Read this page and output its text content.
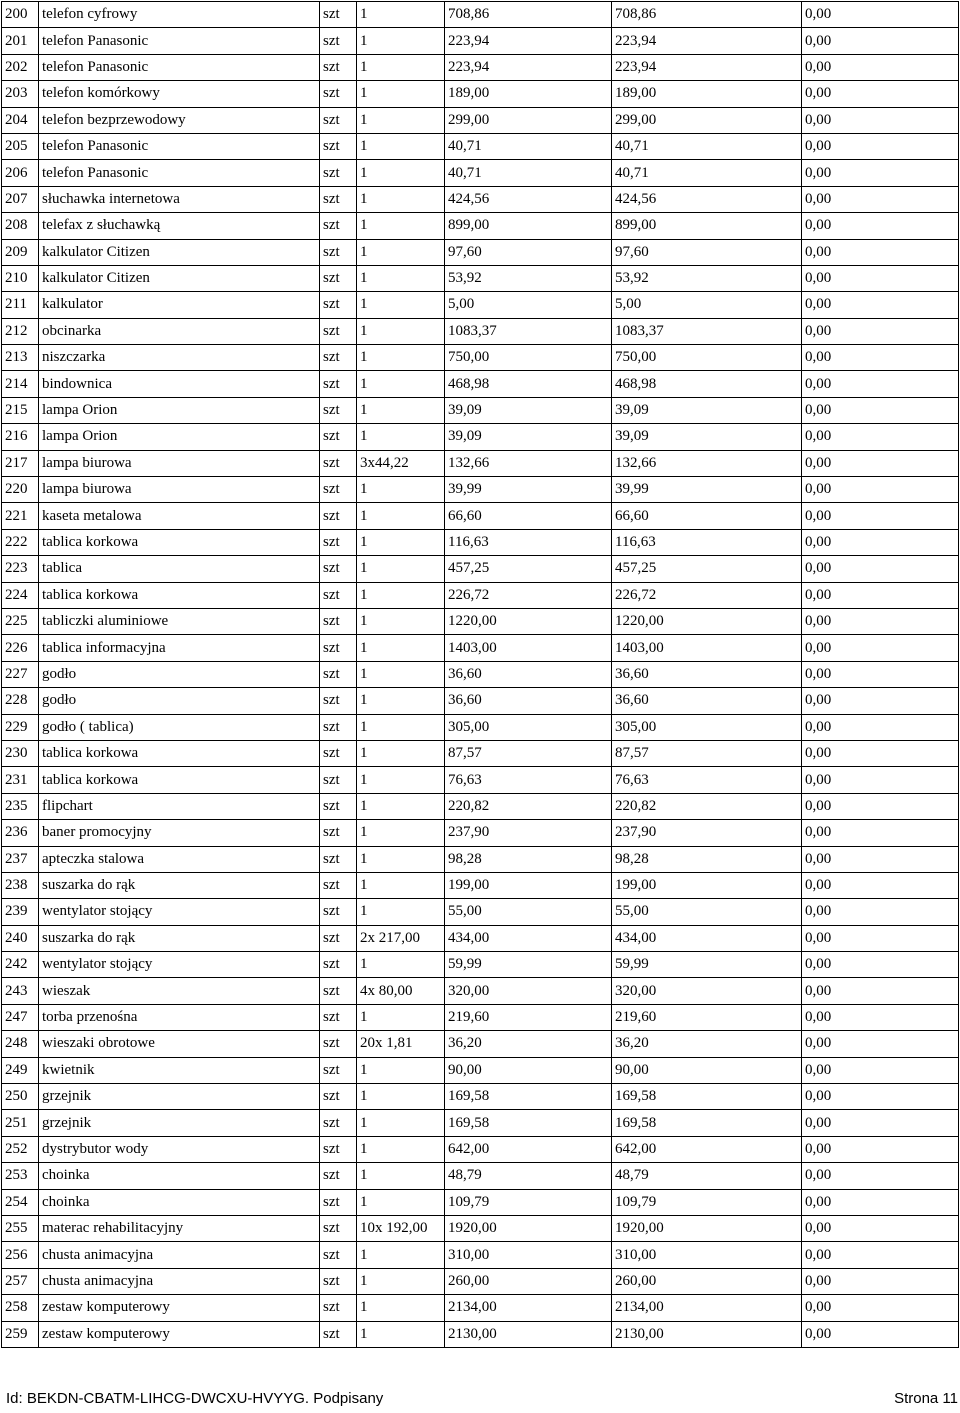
200	telefon cyfrowy	szt	1	708,86	708,86	0,00
201	telefon Panasonic	szt	1	223,94	223,94	0,00
202	telefon Panasonic	szt	1	223,94	223,94	0,00
203	telefon komórkowy	szt	1	189,00	189,00	0,00
204	telefon bezprzewodowy	szt	1	299,00	299,00	0,00
205	telefon Panasonic	szt	1	40,71	40,71	0,00
206	telefon Panasonic	szt	1	40,71	40,71	0,00
207	słuchawka internetowa	szt	1	424,56	424,56	0,00
208	telefax z słuchawką	szt	1	899,00	899,00	0,00
209	kalkulator Citizen	szt	1	97,60	97,60	0,00
210	kalkulator Citizen	szt	1	53,92	53,92	0,00
211	kalkulator	szt	1	5,00	5,00	0,00
212	obcinarka	szt	1	1083,37	1083,37	0,00
213	niszczarka	szt	1	750,00	750,00	0,00
214	bindownica	szt	1	468,98	468,98	0,00
215	lampa Orion	szt	1	39,09	39,09	0,00
216	lampa Orion	szt	1	39,09	39,09	0,00
217	lampa biurowa	szt	3x44,22	132,66	132,66	0,00
220	lampa biurowa	szt	1	39,99	39,99	0,00
221	kaseta metalowa	szt	1	66,60	66,60	0,00
222	tablica korkowa	szt	1	116,63	116,63	0,00
223	tablica	szt	1	457,25	457,25	0,00
224	tablica korkowa	szt	1	226,72	226,72	0,00
225	tabliczki aluminiowe	szt	1	1220,00	1220,00	0,00
226	tablica informacyjna	szt	1	1403,00	1403,00	0,00
227	godło	szt	1	36,60	36,60	0,00
228	godło	szt	1	36,60	36,60	0,00
229	godło ( tablica)	szt	1	305,00	305,00	0,00
230	tablica korkowa	szt	1	87,57	87,57	0,00
231	tablica korkowa	szt	1	76,63	76,63	0,00
235	flipchart	szt	1	220,82	220,82	0,00
236	baner promocyjny	szt	1	237,90	237,90	0,00
237	apteczka stalowa	szt	1	98,28	98,28	0,00
238	suszarka do rąk	szt	1	199,00	199,00	0,00
239	wentylator stojący	szt	1	55,00	55,00	0,00
240	suszarka do rąk	szt	2x 217,00	434,00	434,00	0,00
242	wentylator stojący	szt	1	59,99	59,99	0,00
243	wieszak	szt	4x 80,00	320,00	320,00	0,00
247	torba przenośna	szt	1	219,60	219,60	0,00
248	wieszaki obrotowe	szt	20x 1,81	36,20	36,20	0,00
249	kwietnik	szt	1	90,00	90,00	0,00
250	grzejnik	szt	1	169,58	169,58	0,00
251	grzejnik	szt	1	169,58	169,58	0,00
252	dystrybutor wody	szt	1	642,00	642,00	0,00
253	choinka	szt	1	48,79	48,79	0,00
254	choinka	szt	1	109,79	109,79	0,00
255	materac rehabilitacyjny	szt	10x 192,00	1920,00	1920,00	0,00
256	chusta animacyjna	szt	1	310,00	310,00	0,00
257	chusta animacyjna	szt	1	260,00	260,00	0,00
258	zestaw komputerowy	szt	1	2134,00	2134,00	0,00
259	zestaw komputerowy	szt	1	2130,00	2130,00	0,00
Id: BEKDN-CBATM-LIHCG-DWCXU-HVYYG. Podpisany	Strona 11
